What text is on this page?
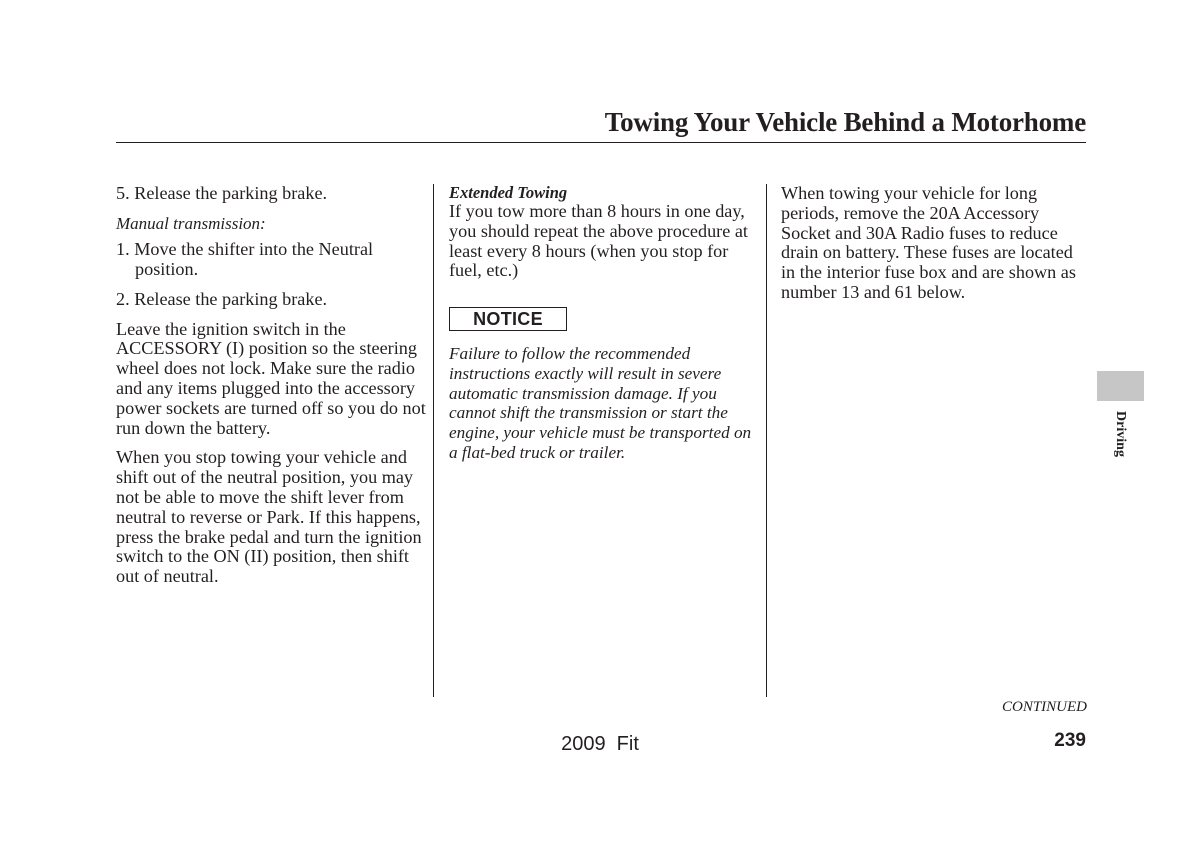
Towing Your Vehicle Behind a Motorhome

5. Release the parking brake.

Manual transmission:

1. Move the shifter into the Neutral position.

2. Release the parking brake.

Leave the ignition switch in the ACCESSORY (I) position so the steering wheel does not lock. Make sure the radio and any items plugged into the accessory power sockets are turned off so you do not run down the battery.

When you stop towing your vehicle and shift out of the neutral position, you may not be able to move the shift lever from neutral to reverse or Park. If this happens, press the brake pedal and turn the ignition switch to the ON (II) position, then shift out of neutral.

Extended Towing

If you tow more than 8 hours in one day, you should repeat the above procedure at least every 8 hours (when you stop for fuel, etc.)

NOTICE
Failure to follow the recommended instructions exactly will result in severe automatic transmission damage. If you cannot shift the transmission or start the engine, your vehicle must be transported on a flat-bed truck or trailer.

When towing your vehicle for long periods, remove the 20A Accessory Socket and 30A Radio fuses to reduce drain on battery. These fuses are located in the interior fuse box and are shown as number 13 and 61 below.

Driving
CONTINUED
2009  Fit	239
